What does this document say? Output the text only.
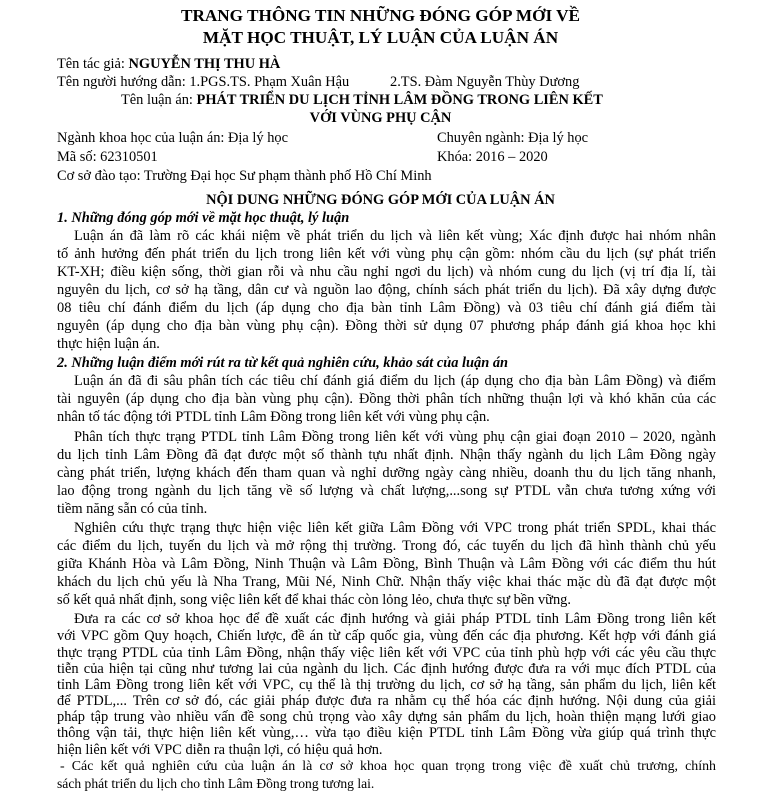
TRANG THÔNG TIN NHỮNG ĐÓNG GÓP MỚI VỀ
MẶT HỌC THUẬT, LÝ LUẬN CỦA LUẬN ÁN
Tên tác giả: NGUYỄN THỊ THU HÀ
Tên người hướng dẫn: 1.PGS.TS. Phạm Xuân Hậu	2.TS. Đàm Nguyễn Thùy Dương
Tên luận án: PHÁT TRIỂN DU LỊCH TỈNH LÂM ĐỒNG TRONG LIÊN KẾT
VỚI VÙNG PHỤ CẬN
Ngành khoa học của luận án: Địa lý học	Chuyên ngành: Địa lý học
Mã số: 62310501	Khóa: 2016 – 2020
Cơ sở đào tạo: Trường Đại học Sư phạm thành phố Hồ Chí Minh
NỘI DUNG NHỮNG ĐÓNG GÓP MỚI CỦA LUẬN ÁN
1. Những đóng góp mới về mặt học thuật, lý luận
Luận án đã làm rõ các khái niệm về phát triển du lịch và liên kết vùng; Xác định được hai nhóm nhân
tố ảnh hưởng đến phát triển du lịch trong liên kết với vùng phụ cận gồm: nhóm cầu du lịch (sự phát triển
KT-XH; điều kiện sống, thời gian rỗi và nhu cầu nghỉ ngơi du lịch) và nhóm cung du lịch (vị trí địa lí, tài
nguyên du lịch, cơ sở hạ tầng, dân cư và nguồn lao động, chính sách phát triển du lịch). Đã xây dựng được
08 tiêu chí đánh điểm du lịch (áp dụng cho địa bàn tỉnh Lâm Đồng) và 03 tiêu chí đánh giá điểm tài
nguyên (áp dụng cho địa bàn vùng phụ cận). Đồng thời sử dụng 07 phương pháp đánh giá khoa học khi
thực hiện luận án.
2. Những luận điểm mới rút ra từ kết quả nghiên cứu, khảo sát của luận án
Luận án đã đi sâu phân tích các tiêu chí đánh giá điểm du lịch (áp dụng cho địa bàn Lâm Đồng) và điểm
tài nguyên (áp dụng cho địa bàn vùng phụ cận). Đồng thời phân tích những thuận lợi và khó khăn của các
nhân tố tác động tới PTDL tỉnh Lâm Đồng trong liên kết với vùng phụ cận.
Phân tích thực trạng PTDL tỉnh Lâm Đồng trong liên kết với vùng phụ cận giai đoạn 2010 – 2020, ngành
du lịch tỉnh Lâm Đồng đã đạt được một số thành tựu nhất định. Nhận thấy ngành du lịch Lâm Đồng ngày
càng phát triển, lượng khách đến tham quan và nghỉ dưỡng ngày càng nhiều, doanh thu du lịch tăng nhanh,
lao động trong ngành du lịch tăng về số lượng và chất lượng,...song sự PTDL vẫn chưa tương xứng với
tiềm năng sẵn có của tỉnh.
Nghiên cứu thực trạng thực hiện việc liên kết giữa Lâm Đồng với VPC trong phát triển SPDL, khai thác
các điểm du lịch, tuyến du lịch và mở rộng thị trường. Trong đó, các tuyến du lịch đã hình thành chủ yếu
giữa Khánh Hòa và Lâm Đồng, Ninh Thuận và Lâm Đồng, Bình Thuận và Lâm Đồng với các điểm thu hút
khách du lịch chủ yếu là Nha Trang, Mũi Né, Ninh Chữ. Nhận thấy việc khai thác mặc dù đã đạt được một
số kết quả nhất định, song việc liên kết để khai thác còn lỏng lẻo, chưa thực sự bền vững.
Đưa ra các cơ sở khoa học để đề xuất các định hướng và giải pháp PTDL tỉnh Lâm Đồng trong liên kết
với VPC gồm Quy hoạch, Chiến lược, đề án từ cấp quốc gia, vùng đến các địa phương. Kết hợp với đánh giá
thực trạng PTDL của tỉnh Lâm Đồng, nhận thấy việc liên kết với VPC của tỉnh phù hợp với các yêu cầu thực
tiễn của hiện tại cũng như tương lai của ngành du lịch. Các định hướng được đưa ra với mục đích PTDL của
tỉnh Lâm Đồng trong liên kết với VPC, cụ thể là thị trường du lịch, cơ sở hạ tầng, sản phẩm du lịch, liên kết
để PTDL,... Trên cơ sở đó, các giải pháp được đưa ra nhằm cụ thể hóa các định hướng. Nội dung của giải
pháp tập trung vào nhiều vấn đề song chủ trọng vào xây dựng sản phẩm du lịch, hoàn thiện mạng lưới giao
thông vận tải, thực hiện liên kết vùng,… vừa tạo điều kiện PTDL tỉnh Lâm Đồng vừa giúp quá trình thực
hiện liên kết với VPC diễn ra thuận lợi, có hiệu quả hơn.
- Các kết quả nghiên cứu của luận án là cơ sở khoa học quan trọng trong việc đề xuất chủ trương, chính
sách phát triển du lịch cho tỉnh Lâm Đồng trong tương lai.
